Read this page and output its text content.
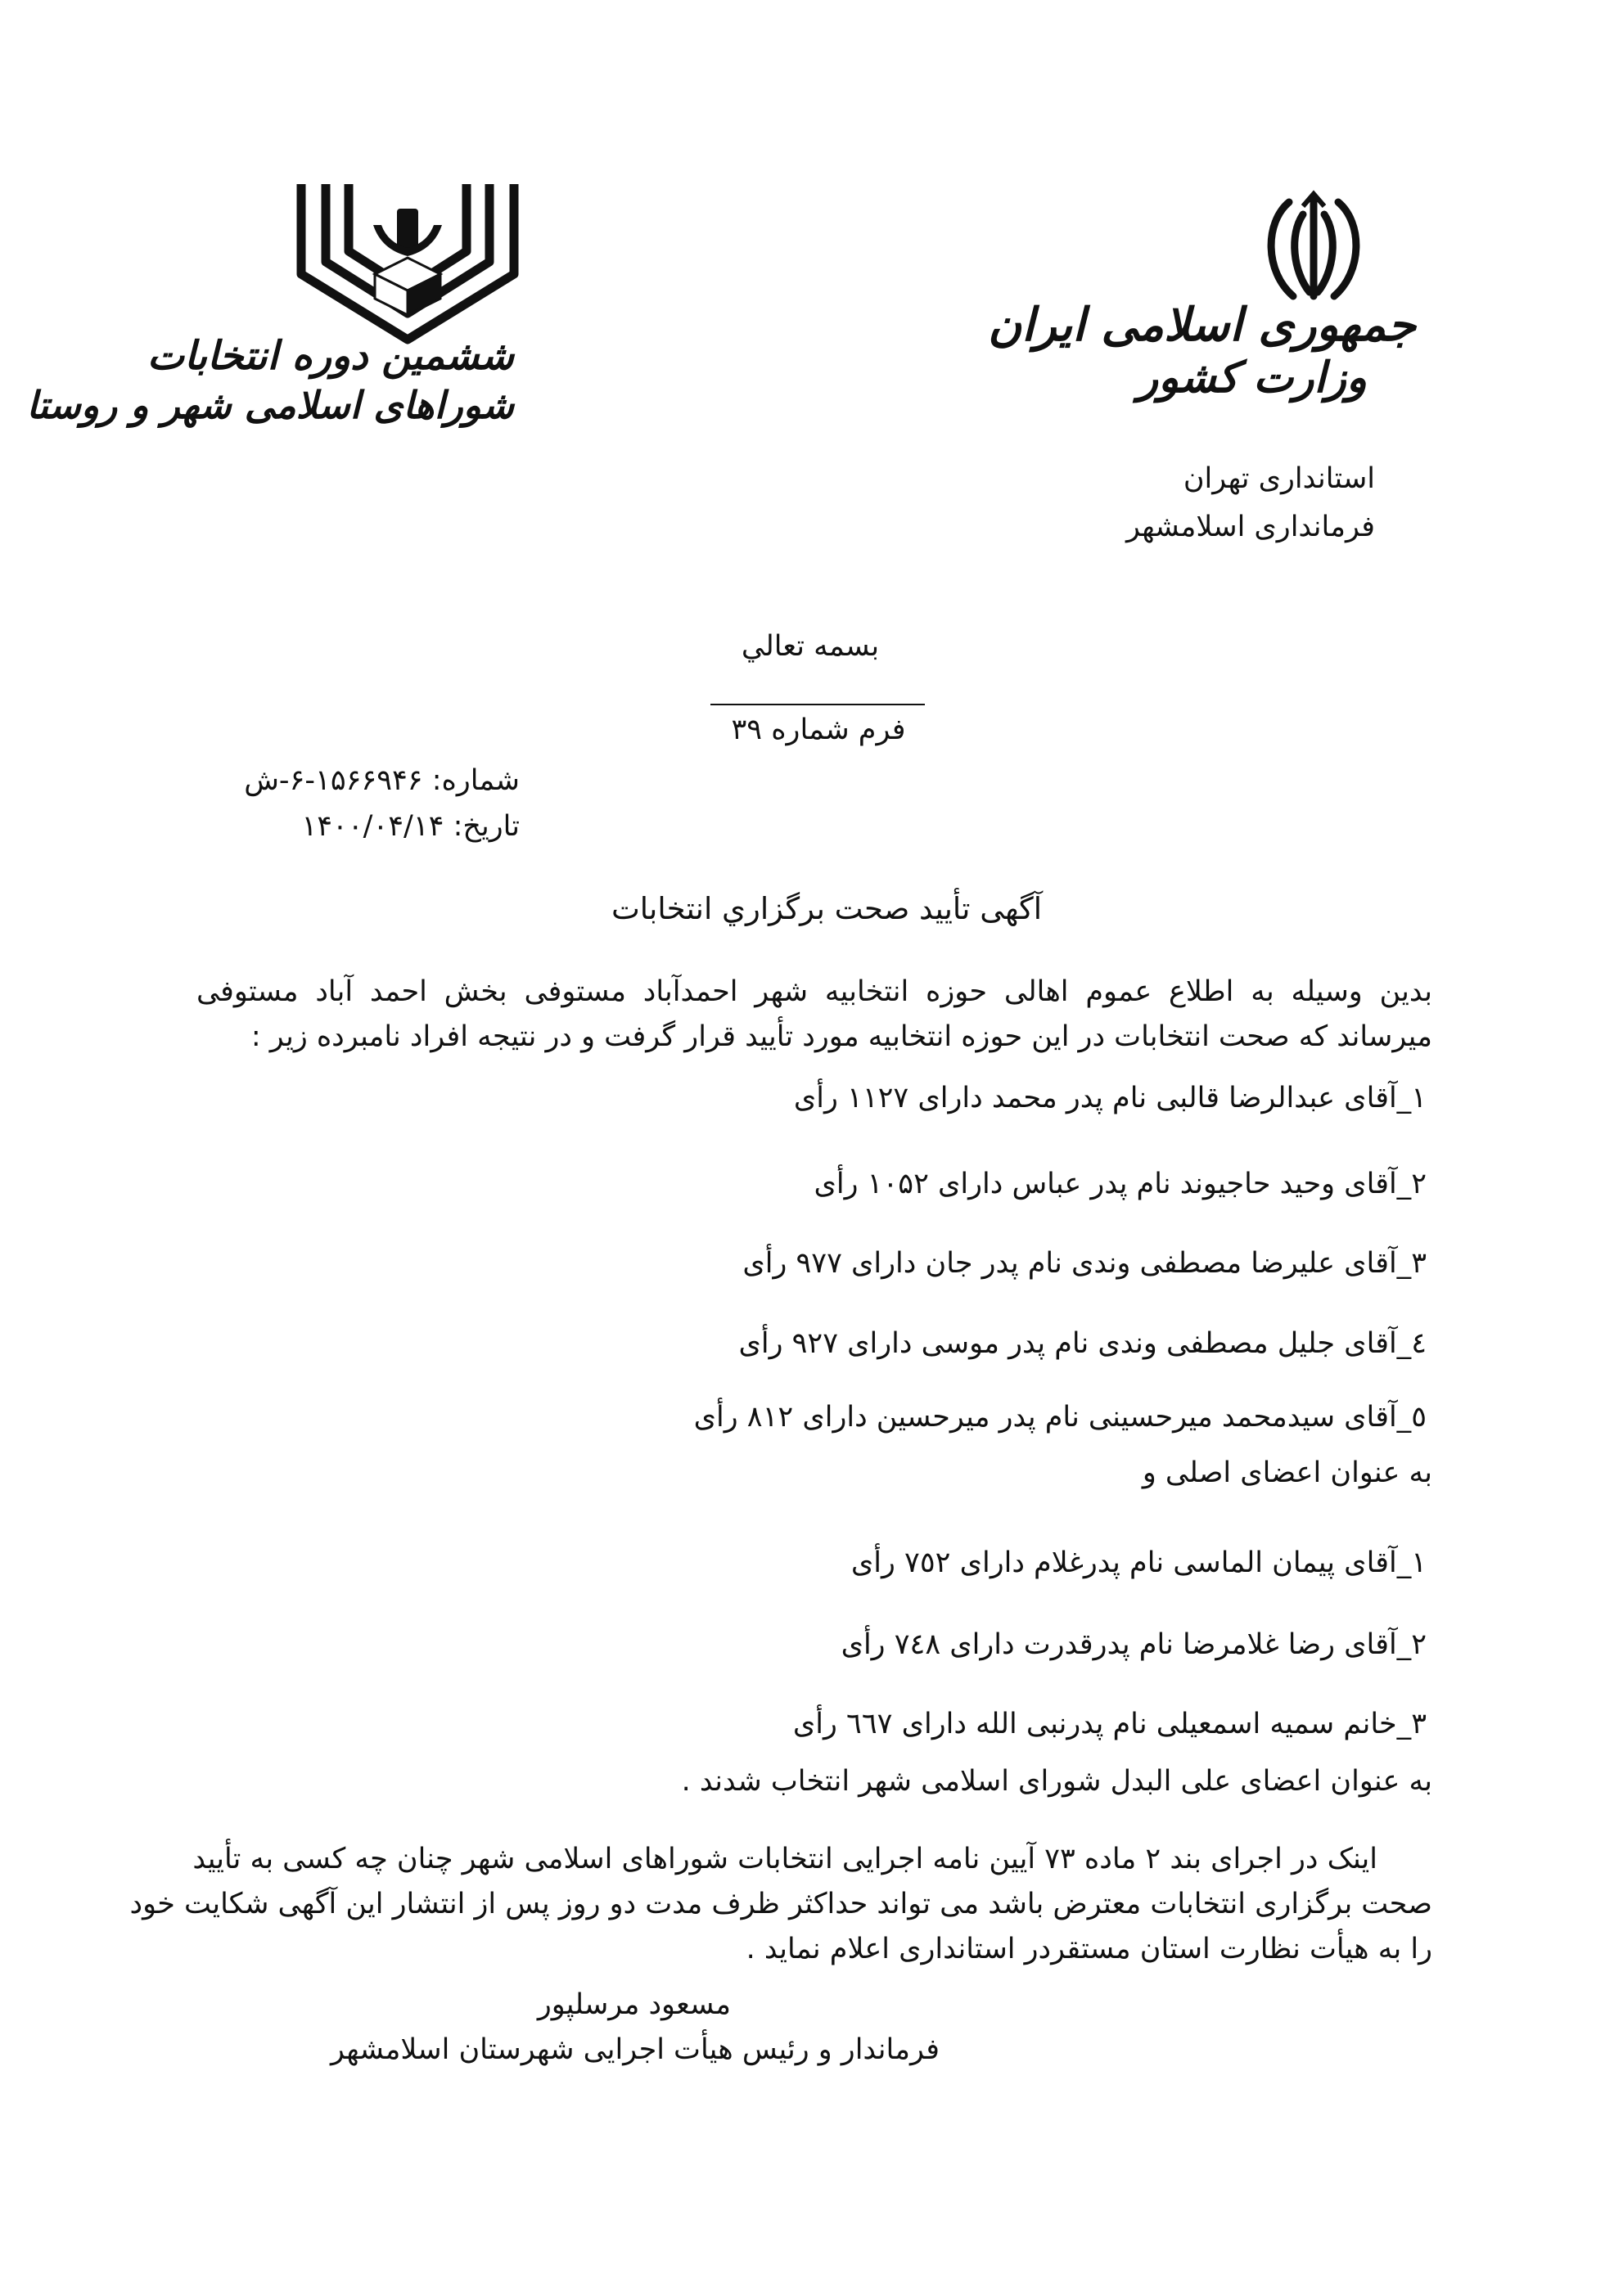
ششمین دوره انتخابات
شوراهای اسلامی شهر و روستا
جمهوری اسلامی ایران
وزارت کشور
استانداری تهران
فرمانداری اسلامشهر
بسمه تعالي
فرم شماره ۳۹
شماره: ۱۵۶۶۹۴۶-۶-ش
تاریخ: ۱۴۰۰/۰۴/۱۴
آگهی تأیید صحت برگزاري انتخابات
بدین وسیله به اطلاع عموم اهالی حوزه انتخابیه شهر احمدآباد مستوفی بخش احمد آباد مستوفی
میرساند که صحت انتخابات در این حوزه انتخابیه مورد تأیید قرار گرفت و در نتیجه افراد نامبرده زیر :
١_آقای عبدالرضا قالبی نام پدر محمد دارای ۱۱۲۷ رأی
٢_آقای وحید حاجیوند نام پدر عباس دارای ۱۰۵۲ رأی
٣_آقای علیرضا مصطفی وندی نام پدر جان دارای ۹۷۷ رأی
٤_آقای جلیل مصطفی وندی نام پدر موسی دارای ۹۲۷ رأی
٥_آقای سیدمحمد میرحسینی نام پدر میرحسین دارای ۸۱۲ رأی
به عنوان اعضای اصلی و
١_آقای پیمان الماسی نام پدرغلام دارای ٧٥٢ رأی
٢_آقای رضا غلامرضا نام پدرقدرت دارای ٧٤٨ رأی
٣_خانم سمیه اسمعیلی نام پدرنبی الله دارای ٦٦٧ رأی
به عنوان اعضای علی البدل شورای اسلامی شهر انتخاب شدند .
اینک در اجرای بند ۲ ماده ۷۳ آیین نامه اجرایی انتخابات شوراهای اسلامی شهر چنان چه کسی به تأیید
صحت برگزاری انتخابات معترض باشد می تواند حداکثر ظرف مدت دو روز پس از انتشار این آگهی شکایت خود
را به هیأت نظارت استان مستقردر استانداری اعلام نماید .
مسعود مرسلپور
فرماندار و رئیس هیأت اجرایی شهرستان اسلامشهر
